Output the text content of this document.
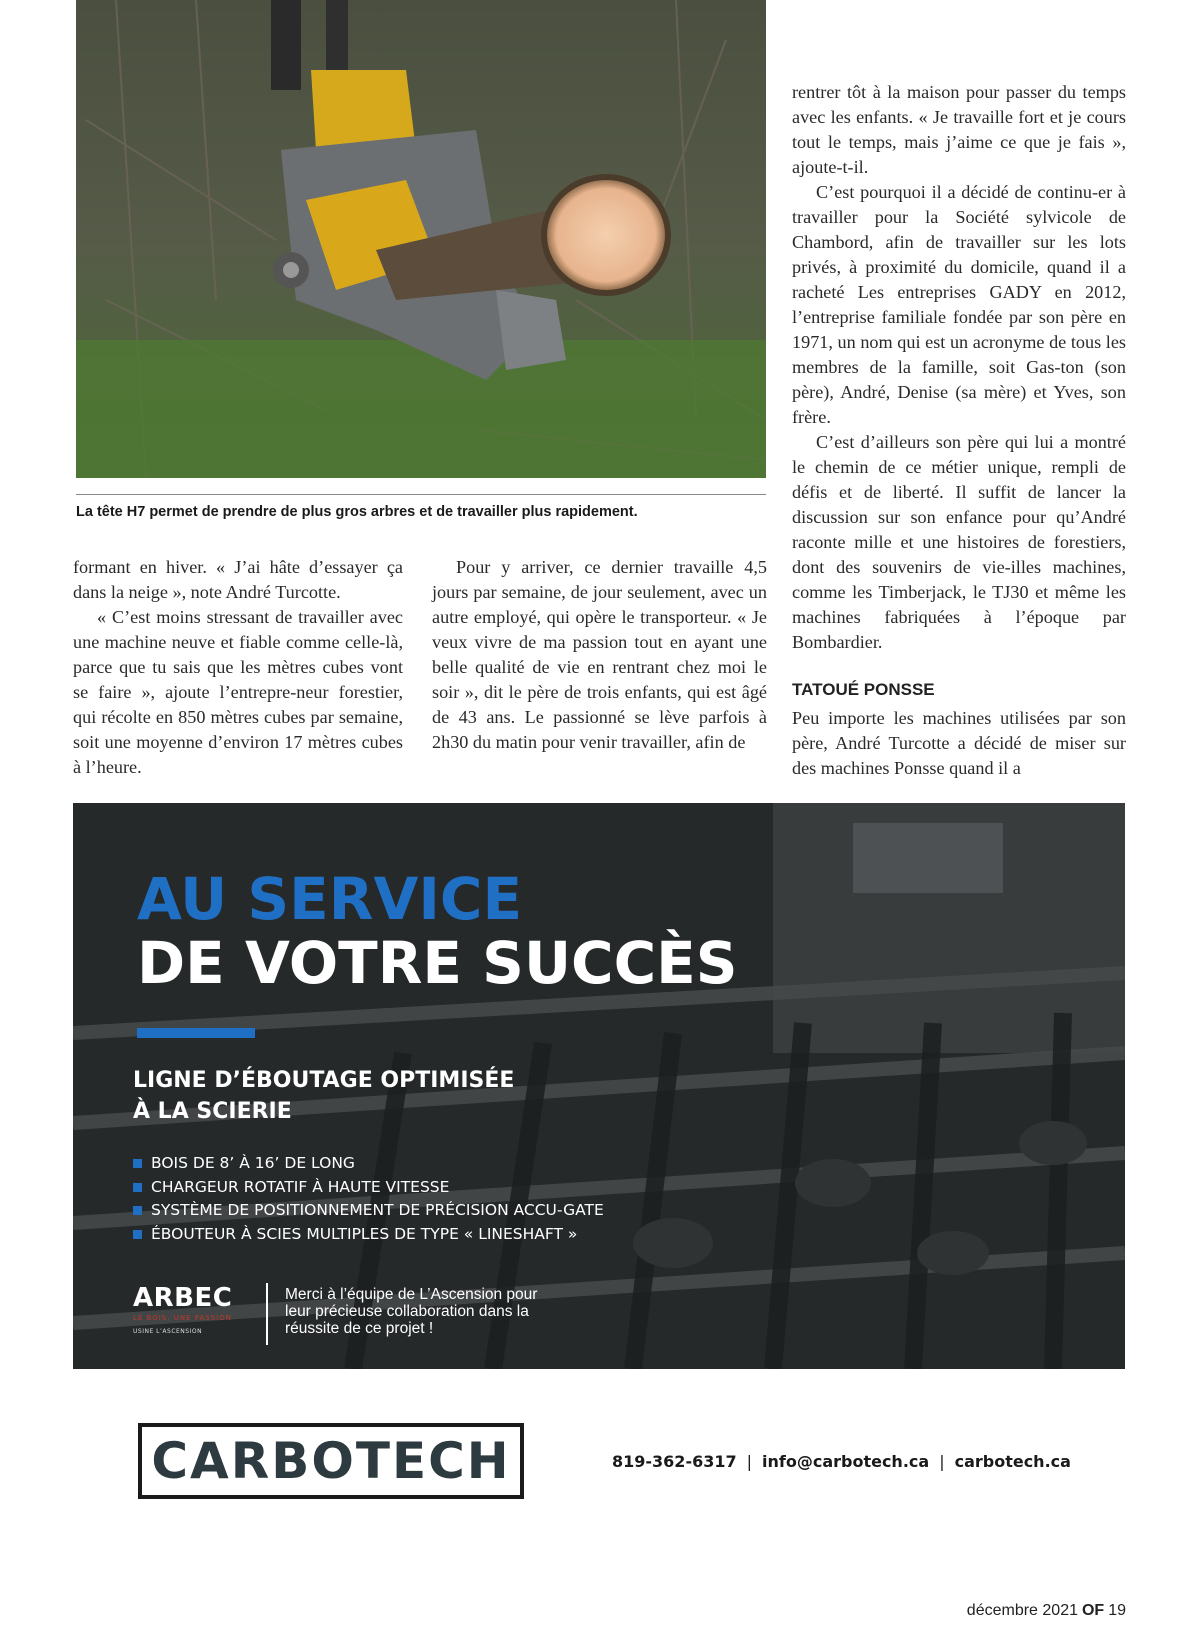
La tête H7 permet de prendre de plus gros arbres et de travailler plus rapidement.

formant en hiver. « J’ai hâte d’essayer ça dans la neige », note André Turcotte.

« C’est moins stressant de travailler avec une machine neuve et fiable comme celle-là, parce que tu sais que les mètres cubes vont se faire », ajoute l’entrepre-neur forestier, qui récolte en 850 mètres cubes par semaine, soit une moyenne d’environ 17 mètres cubes à l’heure.

Pour y arriver, ce dernier travaille 4,5 jours par semaine, de jour seulement, avec un autre employé, qui opère le transporteur. « Je veux vivre de ma passion tout en ayant une belle qualité de vie en rentrant chez moi le soir », dit le père de trois enfants, qui est âgé de 43 ans. Le passionné se lève parfois à 2h30 du matin pour venir travailler, afin de

rentrer tôt à la maison pour passer du temps avec les enfants. « Je travaille fort et je cours tout le temps, mais j’aime ce que je fais », ajoute-t-il.

C’est pourquoi il a décidé de continu-er à travailler pour la Société sylvicole de Chambord, afin de travailler sur les lots privés, à proximité du domicile, quand il a racheté Les entreprises GADY en 2012, l’entreprise familiale fondée par son père en 1971, un nom qui est un acronyme de tous les membres de la famille, soit Gas-ton (son père), André, Denise (sa mère) et Yves, son frère.

C’est d’ailleurs son père qui lui a montré le chemin de ce métier unique, rempli de défis et de liberté. Il suffit de lancer la discussion sur son enfance pour qu’André raconte mille et une histoires de forestiers, dont des souvenirs de vie-illes machines, comme les Timberjack, le TJ30 et même les machines fabriquées à l’époque par Bombardier.

TATOUÉ PONSSE

Peu importe les machines utilisées par son père, André Turcotte a décidé de miser sur des machines Ponsse quand il a

AU SERVICE
DE VOTRE SUCCÈS
LIGNE D’ÉBOUTAGE OPTIMISÉE
À LA SCIERIE
BOIS DE 8’ À 16’ DE LONG
CHARGEUR ROTATIF À HAUTE VITESSE
SYSTÈME DE POSITIONNEMENT DE PRÉCISION ACCU-GATE
ÉBOUTEUR À SCIES MULTIPLES DE TYPE « LINESHAFT »
ARBEC
LE BOIS, UNE PASSION
USINE L’ASCENSION
Merci à l’équipe de L’Ascension pour leur précieuse collaboration dans la réussite de ce projet !
CARBOTECH	819-362-6317 | info@carbotech.ca | carbotech.ca
décembre 2021 OF 19
